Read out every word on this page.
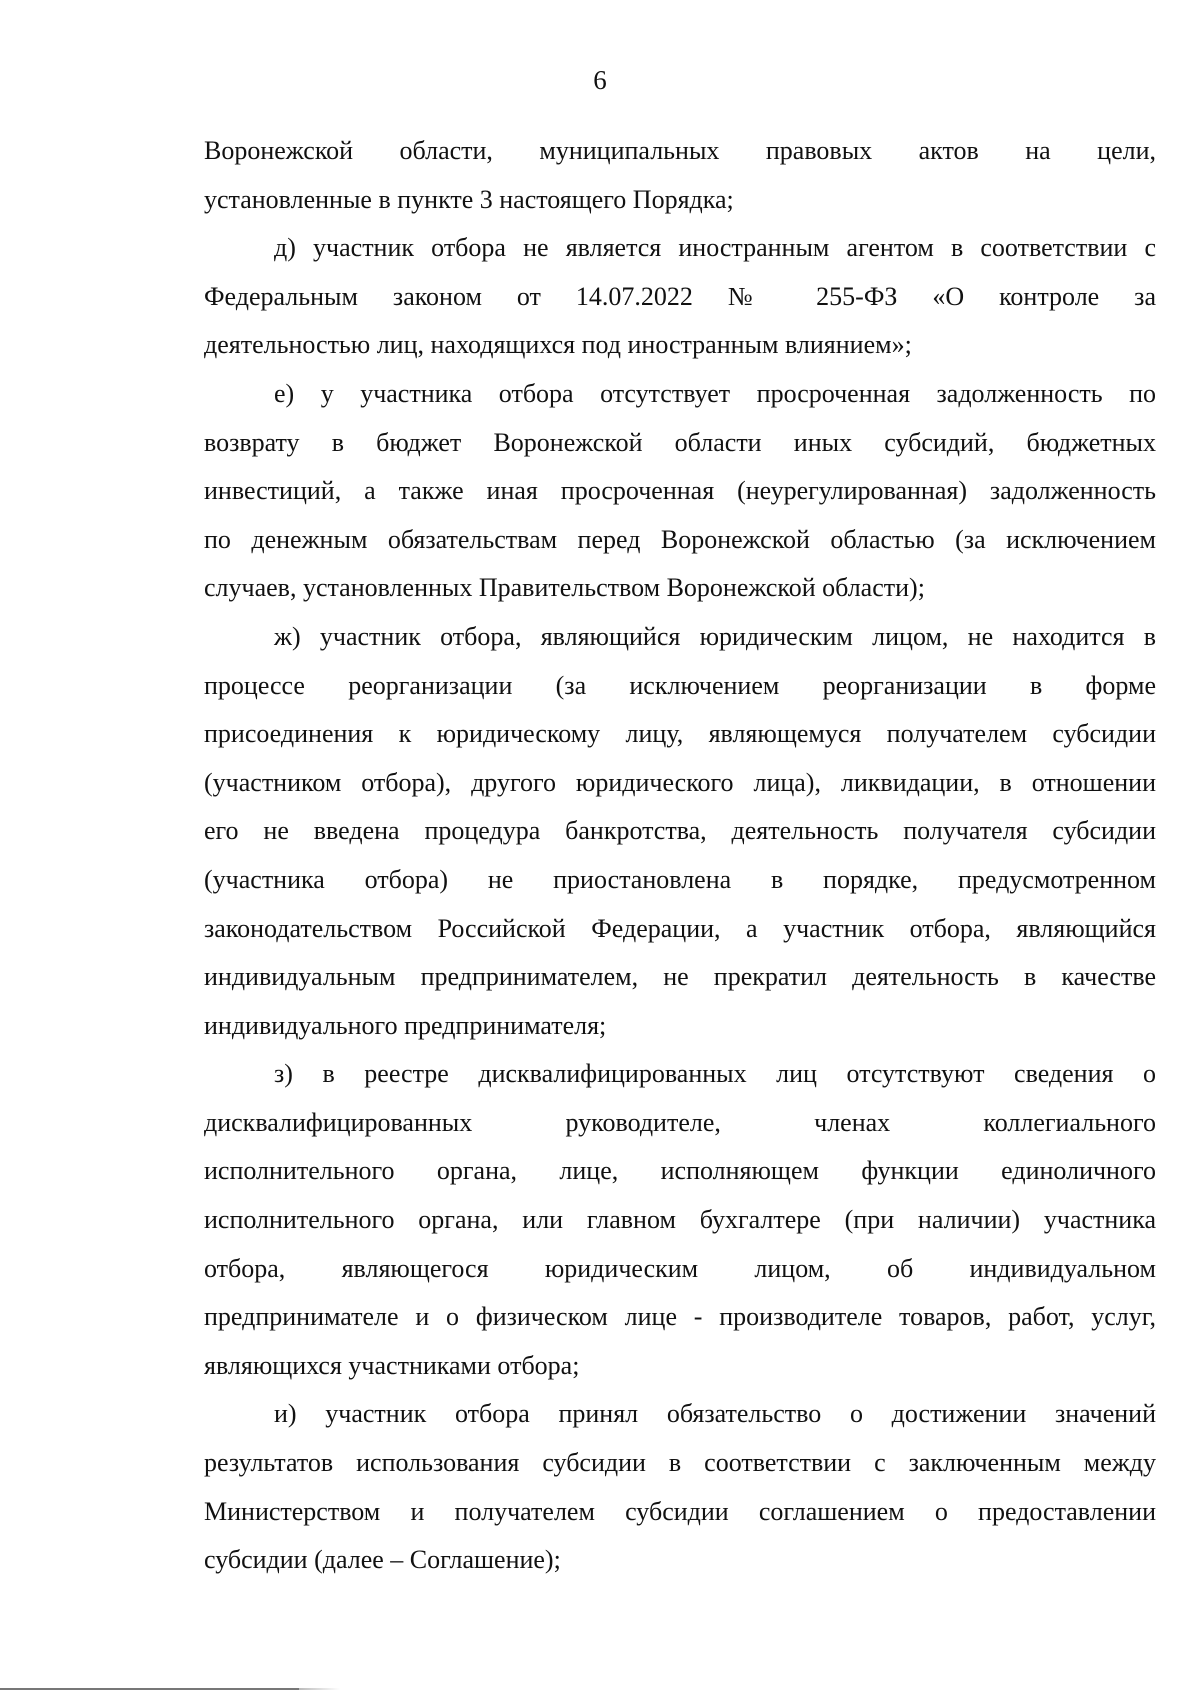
6
Воронежской области, муниципальных правовых актов на цели,
установленные в пункте 3 настоящего Порядка;
д) участник отбора не является иностранным агентом в соответствии с
Федеральным законом от 14.07.2022 № 255-ФЗ «О контроле за
деятельностью лиц, находящихся под иностранным влиянием»;
е) у участника отбора отсутствует просроченная задолженность по
возврату в бюджет Воронежской области иных субсидий, бюджетных
инвестиций, а также иная просроченная (неурегулированная) задолженность
по денежным обязательствам перед Воронежской областью (за исключением
случаев, установленных Правительством Воронежской области);
ж) участник отбора, являющийся юридическим лицом, не находится в
процессе реорганизации (за исключением реорганизации в форме
присоединения к юридическому лицу, являющемуся получателем субсидии
(участником отбора), другого юридического лица), ликвидации, в отношении
его не введена процедура банкротства, деятельность получателя субсидии
(участника отбора) не приостановлена в порядке, предусмотренном
законодательством Российской Федерации, а участник отбора, являющийся
индивидуальным предпринимателем, не прекратил деятельность в качестве
индивидуального предпринимателя;
з) в реестре дисквалифицированных лиц отсутствуют сведения о
дисквалифицированных руководителе, членах коллегиального
исполнительного органа, лице, исполняющем функции единоличного
исполнительного органа, или главном бухгалтере (при наличии) участника
отбора, являющегося юридическим лицом, об индивидуальном
предпринимателе и о физическом лице - производителе товаров, работ, услуг,
являющихся участниками отбора;
и) участник отбора принял обязательство о достижении значений
результатов использования субсидии в соответствии с заключенным между
Министерством и получателем субсидии соглашением о предоставлении
субсидии (далее – Соглашение);
